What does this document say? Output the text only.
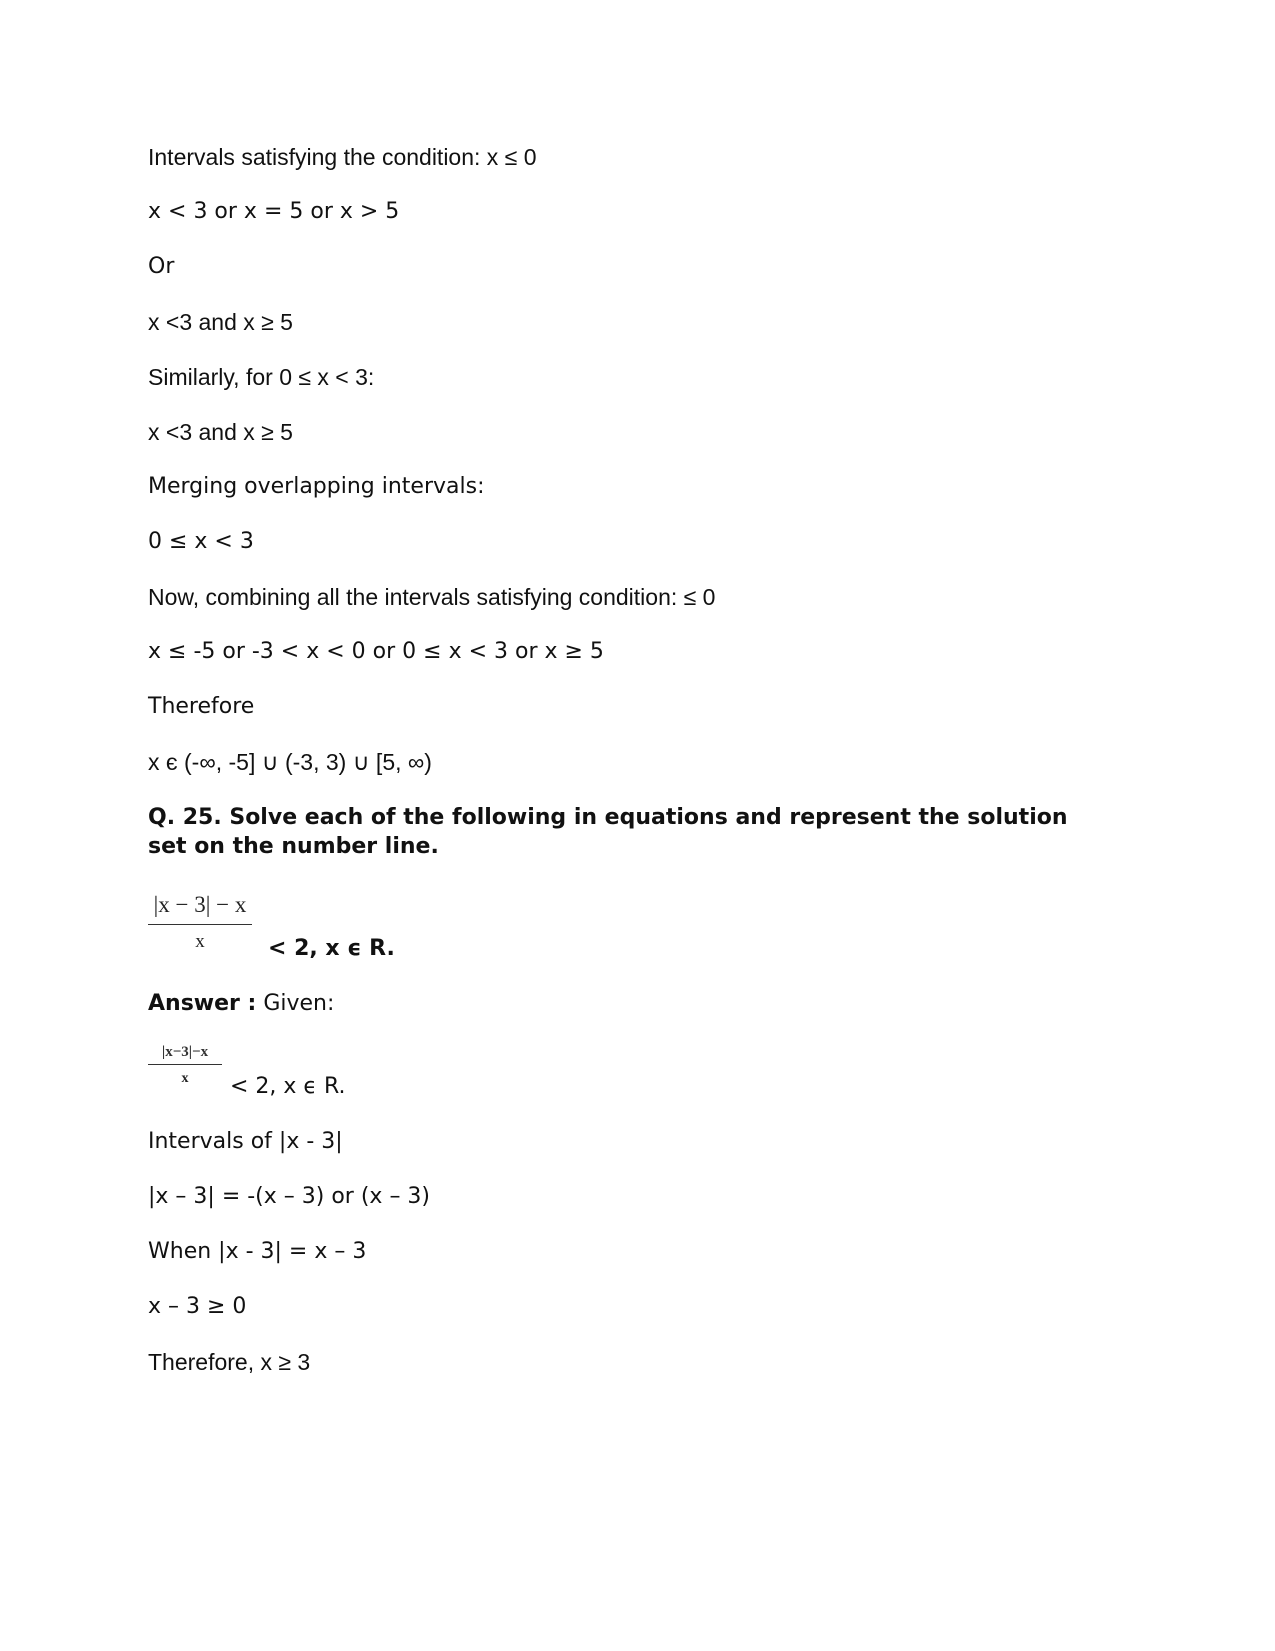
Intervals satisfying the condition: x ≤ 0
x < 3 or x = 5 or x > 5
Or
x <3 and x ≥ 5
Similarly, for 0 ≤ x < 3:
x <3 and x ≥ 5
Merging overlapping intervals:
0 ≤ x < 3
Now, combining all the intervals satisfying condition: ≤ 0
x ≤ -5 or -3 < x < 0 or 0 ≤ x < 3 or x ≥ 5
Therefore
x є (-∞, -5] ∪ (-3, 3) ∪ [5, ∞)
Q. 25. Solve each of the following in equations and represent the solution set on the number line.
|x − 3| − x
x	< 2, x ϵ R.
Answer : Given:
$\frac{|x-3|-x}{x} < 2$, x ϵ R.
Intervals of |x - 3|
|x – 3| = -(x – 3) or (x – 3)
When |x - 3| = x – 3
x – 3 ≥ 0
Therefore, x ≥ 3
